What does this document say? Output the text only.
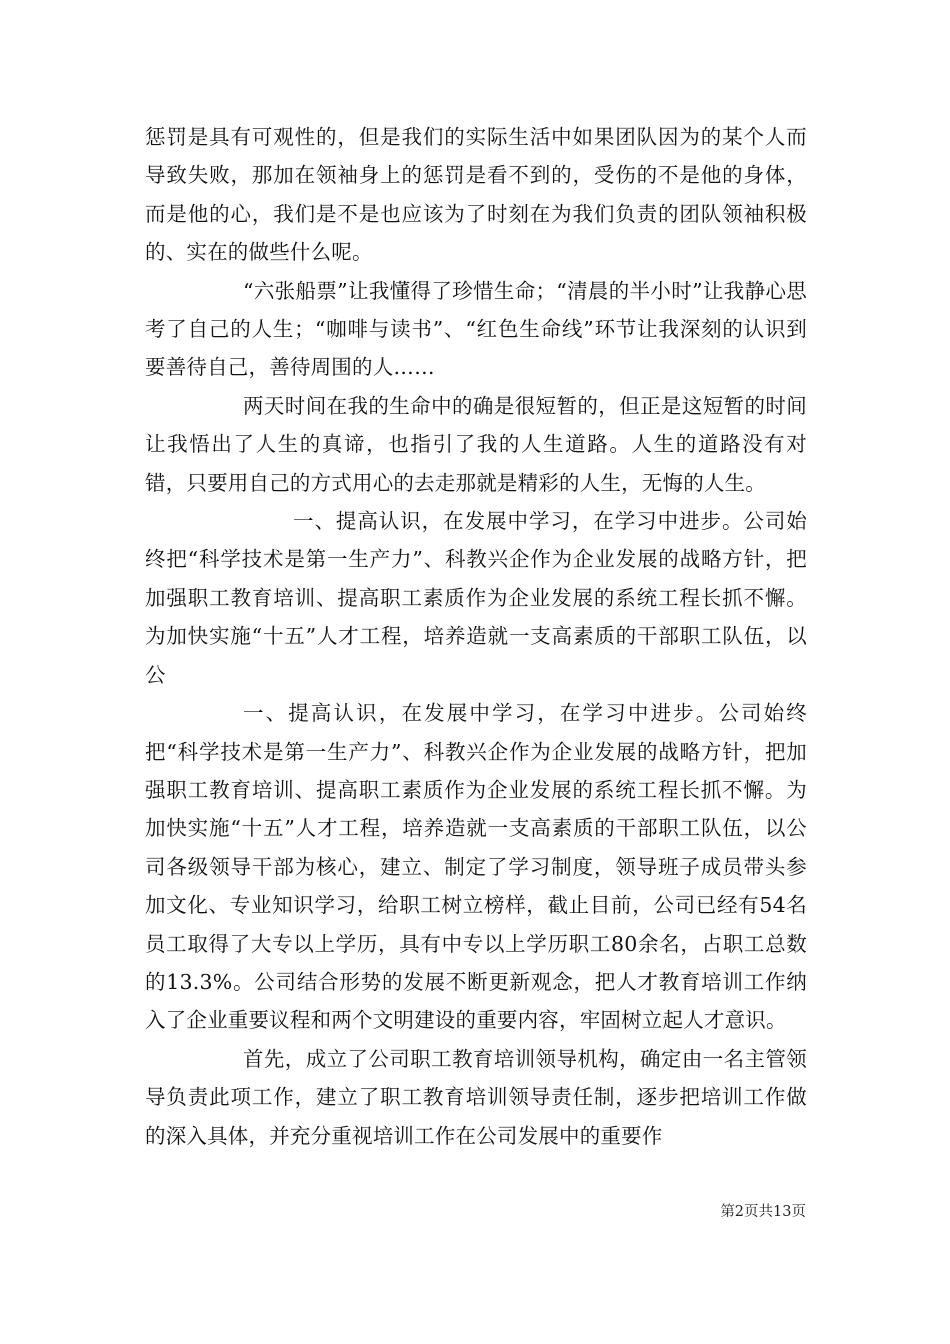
惩罚是具有可观性的，但是我们的实际生活中如果团队因为的某个人而导致失败，那加在领袖身上的惩罚是看不到的，受伤的不是他的身体，而是他的心，我们是不是也应该为了时刻在为我们负责的团队领袖积极的、实在的做些什么呢。

“六张船票”让我懂得了珍惜生命；“清晨的半小时”让我静心思考了自己的人生；“咖啡与读书”、“红色生命线”环节让我深刻的认识到要善待自己，善待周围的人……

两天时间在我的生命中的确是很短暂的，但正是这短暂的时间让我悟出了人生的真谛，也指引了我的人生道路。人生的道路没有对错，只要用自己的方式用心的去走那就是精彩的人生，无悔的人生。

一、提高认识，在发展中学习，在学习中进步。公司始终把“科学技术是第一生产力”、科教兴企作为企业发展的战略方针，把加强职工教育培训、提高职工素质作为企业发展的系统工程长抓不懈。为加快实施“十五”人才工程，培养造就一支高素质的干部职工队伍，以公

一、提高认识，在发展中学习，在学习中进步。公司始终把“科学技术是第一生产力”、科教兴企作为企业发展的战略方针，把加强职工教育培训、提高职工素质作为企业发展的系统工程长抓不懈。为加快实施“十五”人才工程，培养造就一支高素质的干部职工队伍，以公司各级领导干部为核心，建立、制定了学习制度，领导班子成员带头参加文化、专业知识学习，给职工树立榜样，截止目前，公司已经有54名员工取得了大专以上学历，具有中专以上学历职工80余名，占职工总数的13.3%。公司结合形势的发展不断更新观念，把人才教育培训工作纳入了企业重要议程和两个文明建设的重要内容，牢固树立起人才意识。

首先，成立了公司职工教育培训领导机构，确定由一名主管领导负责此项工作，建立了职工教育培训领导责任制，逐步把培训工作做的深入具体，并充分重视培训工作在公司发展中的重要作

第2页共13页
